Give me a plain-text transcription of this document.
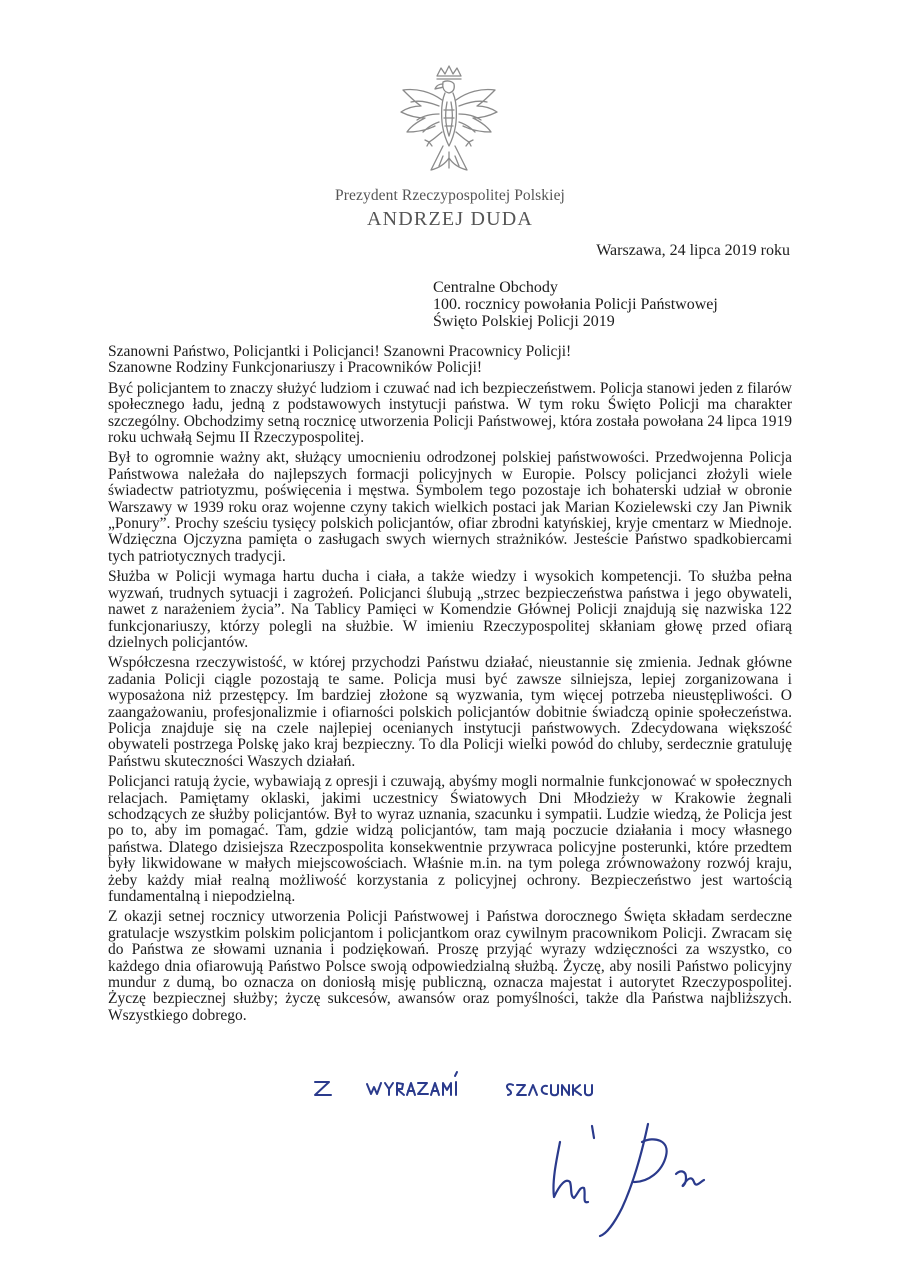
Prezydent Rzeczypospolitej Polskiej
ANDRZEJ DUDA
Warszawa, 24 lipca 2019 roku
Centralne Obchody
100. rocznicy powołania Policji Państwowej
Święto Polskiej Policji 2019
Szanowni Państwo, Policjantki i Policjanci! Szanowni Pracownicy Policji!
Szanowne Rodziny Funkcjonariuszy i Pracowników Policji!

Być policjantem to znaczy służyć ludziom i czuwać nad ich bezpieczeństwem. Policja stanowi jeden z filarów społecznego ładu, jedną z podstawowych instytucji państwa. W tym roku Święto Policji ma charakter szczególny. Obchodzimy setną rocznicę utworzenia Policji Państwowej, która została powołana 24 lipca 1919 roku uchwałą Sejmu II Rzeczypospolitej.

Był to ogromnie ważny akt, służący umocnieniu odrodzonej polskiej państwowości. Przedwojenna Policja Państwowa należała do najlepszych formacji policyjnych w Europie. Polscy policjanci złożyli wiele świadectw patriotyzmu, poświęcenia i męstwa. Symbolem tego pozostaje ich bohaterski udział w obronie Warszawy w 1939 roku oraz wojenne czyny takich wielkich postaci jak Marian Kozielewski czy Jan Piwnik „Ponury”. Prochy sześciu tysięcy polskich policjantów, ofiar zbrodni katyńskiej, kryje cmentarz w Miednoje. Wdzięczna Ojczyzna pamięta o zasługach swych wiernych strażników. Jesteście Państwo spadkobiercami tych patriotycznych tradycji.

Służba w Policji wymaga hartu ducha i ciała, a także wiedzy i wysokich kompetencji. To służba pełna wyzwań, trudnych sytuacji i zagrożeń. Policjanci ślubują „strzec bezpieczeństwa państwa i jego obywateli, nawet z narażeniem życia”. Na Tablicy Pamięci w Komendzie Głównej Policji znajdują się nazwiska 122 funkcjonariuszy, którzy polegli na służbie. W imieniu Rzeczypospolitej skłaniam głowę przed ofiarą dzielnych policjantów.

Współczesna rzeczywistość, w której przychodzi Państwu działać, nieustannie się zmienia. Jednak główne zadania Policji ciągle pozostają te same. Policja musi być zawsze silniejsza, lepiej zorganizowana i wyposażona niż przestępcy. Im bardziej złożone są wyzwania, tym więcej potrzeba nieustępliwości. O zaangażowaniu, profesjonalizmie i ofiarności polskich policjantów dobitnie świadczą opinie społeczeństwa. Policja znajduje się na czele najlepiej ocenianych instytucji państwowych. Zdecydowana większość obywateli postrzega Polskę jako kraj bezpieczny. To dla Policji wielki powód do chluby, serdecznie gratuluję Państwu skuteczności Waszych działań.

Policjanci ratują życie, wybawiają z opresji i czuwają, abyśmy mogli normalnie funkcjonować w społecznych relacjach. Pamiętamy oklaski, jakimi uczestnicy Światowych Dni Młodzieży w Krakowie żegnali schodzących ze służby policjantów. Był to wyraz uznania, szacunku i sympatii. Ludzie wiedzą, że Policja jest po to, aby im pomagać. Tam, gdzie widzą policjantów, tam mają poczucie działania i mocy własnego państwa. Dlatego dzisiejsza Rzeczpospolita konsekwentnie przywraca policyjne posterunki, które przedtem były likwidowane w małych miejscowościach. Właśnie m.in. na tym polega zrównoważony rozwój kraju, żeby każdy miał realną możliwość korzystania z policyjnej ochrony. Bezpieczeństwo jest wartością fundamentalną i niepodzielną.

Z okazji setnej rocznicy utworzenia Policji Państwowej i Państwa dorocznego Święta składam serdeczne gratulacje wszystkim polskim policjantom i policjantkom oraz cywilnym pracownikom Policji. Zwracam się do Państwa ze słowami uznania i podziękowań. Proszę przyjąć wyrazy wdzięczności za wszystko, co każdego dnia ofiarowują Państwo Polsce swoją odpowiedzialną służbą. Życzę, aby nosili Państwo policyjny mundur z dumą, bo oznacza on doniosłą misję publiczną, oznacza majestat i autorytet Rzeczypospolitej. Życzę bezpiecznej służby; życzę sukcesów, awansów oraz pomyślności, także dla Państwa najbliższych. Wszystkiego dobrego.
